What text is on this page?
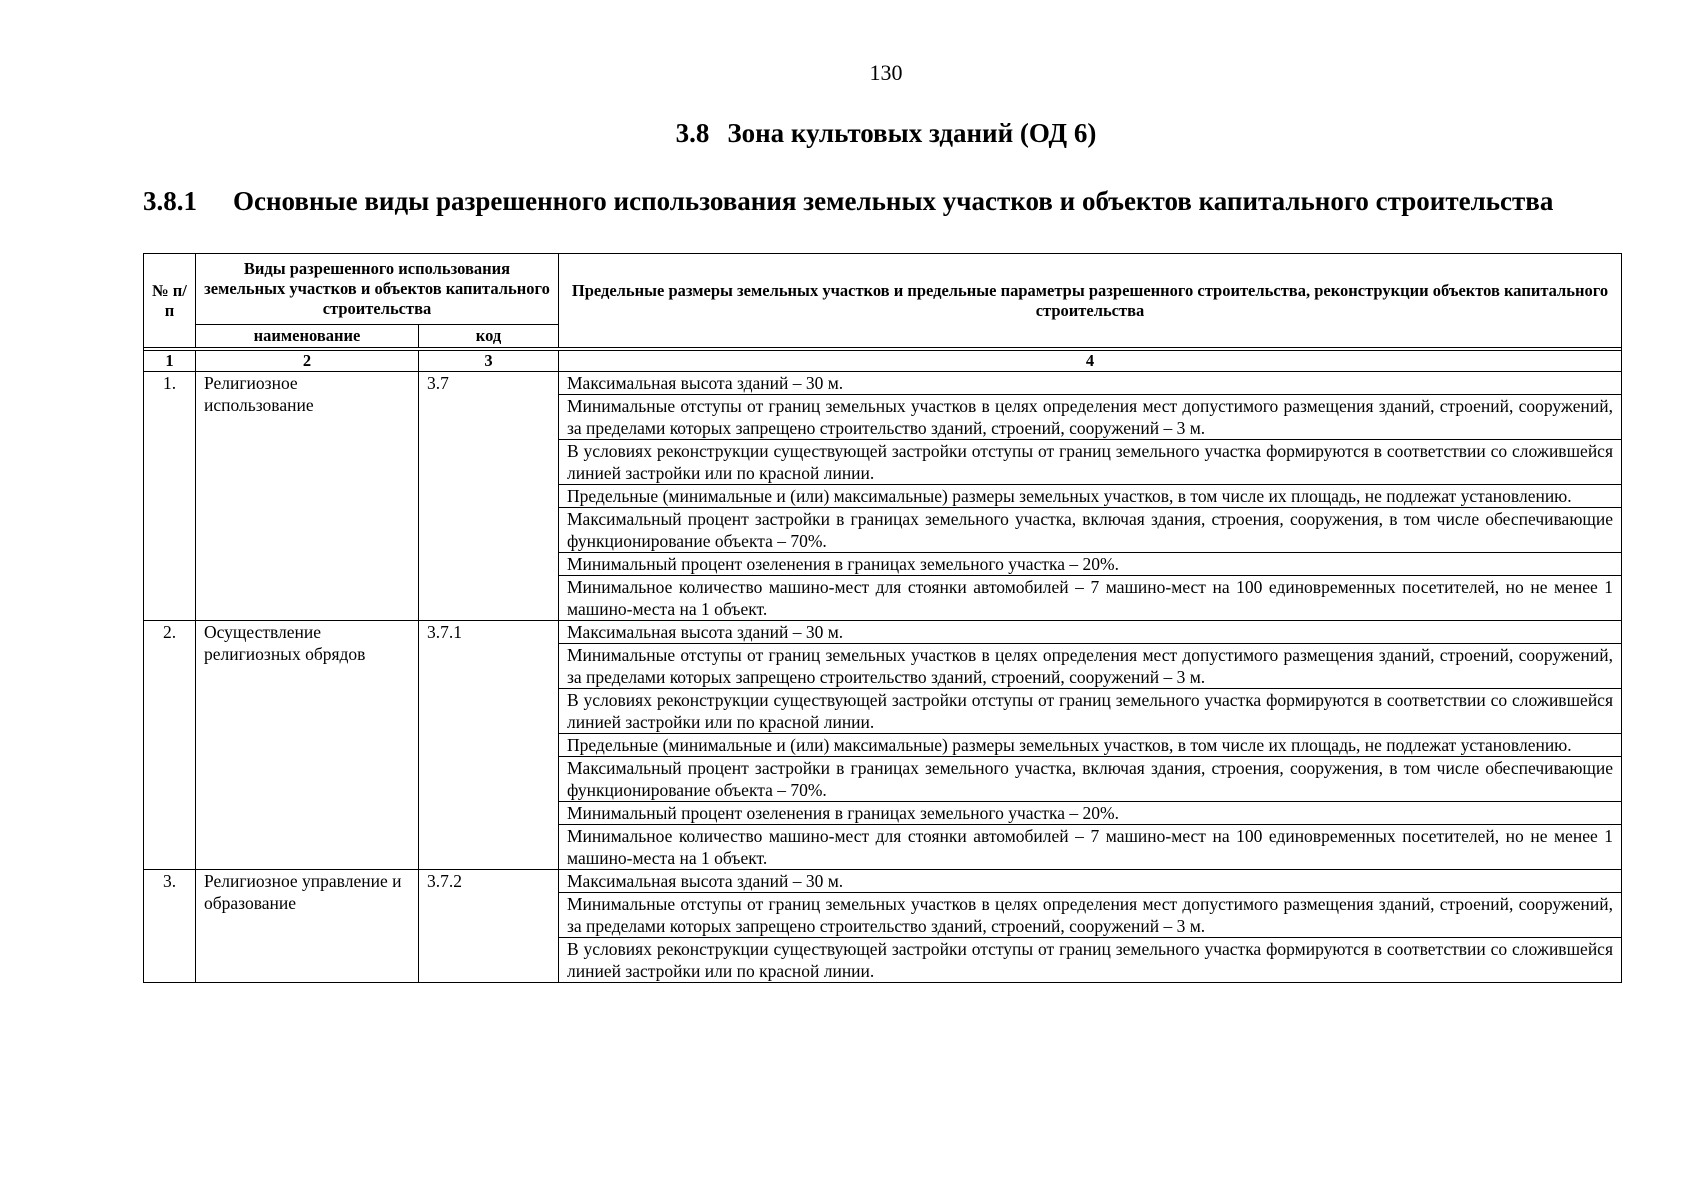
130
3.8 Зона культовых зданий (ОД 6)
3.8.1 Основные виды разрешенного использования земельных участков и объектов капитального строительства
№ п/п	Виды разрешенного использования земельных участков и объектов капитального строительства		Предельные размеры земельных участков и предельные параметры разрешенного строительства, реконструкции объектов капитального строительства
	наименование	код	

1	2	3	4
1.	Религиозное использование	3.7	Максимальная высота зданий – 30 м.
			Минимальные отступы от границ земельных участков в целях определения мест допустимого размещения зданий, строений, сооружений, за пределами которых запрещено строительство зданий, строений, сооружений – 3 м.
			В условиях реконструкции существующей застройки отступы от границ земельного участка формируются в соответствии со сложившейся линией застройки или по красной линии.
			Предельные (минимальные и (или) максимальные) размеры земельных участков, в том числе их площадь, не подлежат установлению.
			Максимальный процент застройки в границах земельного участка, включая здания, строения, сооружения, в том числе обеспечивающие функционирование объекта – 70%.
			Минимальный процент озеленения в границах земельного участка – 20%.
			Минимальное количество машино-мест для стоянки автомобилей – 7 машино-мест на 100 единовременных посетителей, но не менее 1 машино-места на 1 объект.
2.	Осуществление религиозных обрядов	3.7.1	Максимальная высота зданий – 30 м.
			Минимальные отступы от границ земельных участков в целях определения мест допустимого размещения зданий, строений, сооружений, за пределами которых запрещено строительство зданий, строений, сооружений – 3 м.
			В условиях реконструкции существующей застройки отступы от границ земельного участка формируются в соответствии со сложившейся линией застройки или по красной линии.
			Предельные (минимальные и (или) максимальные) размеры земельных участков, в том числе их площадь, не подлежат установлению.
			Максимальный процент застройки в границах земельного участка, включая здания, строения, сооружения, в том числе обеспечивающие функционирование объекта – 70%.
			Минимальный процент озеленения в границах земельного участка – 20%.
			Минимальное количество машино-мест для стоянки автомобилей – 7 машино-мест на 100 единовременных посетителей, но не менее 1 машино-места на 1 объект.
3.	Религиозное управление и образование	3.7.2	Максимальная высота зданий – 30 м.
			Минимальные отступы от границ земельных участков в целях определения мест допустимого размещения зданий, строений, сооружений, за пределами которых запрещено строительство зданий, строений, сооружений – 3 м.
			В условиях реконструкции существующей застройки отступы от границ земельного участка формируются в соответствии со сложившейся линией застройки или по красной линии.
